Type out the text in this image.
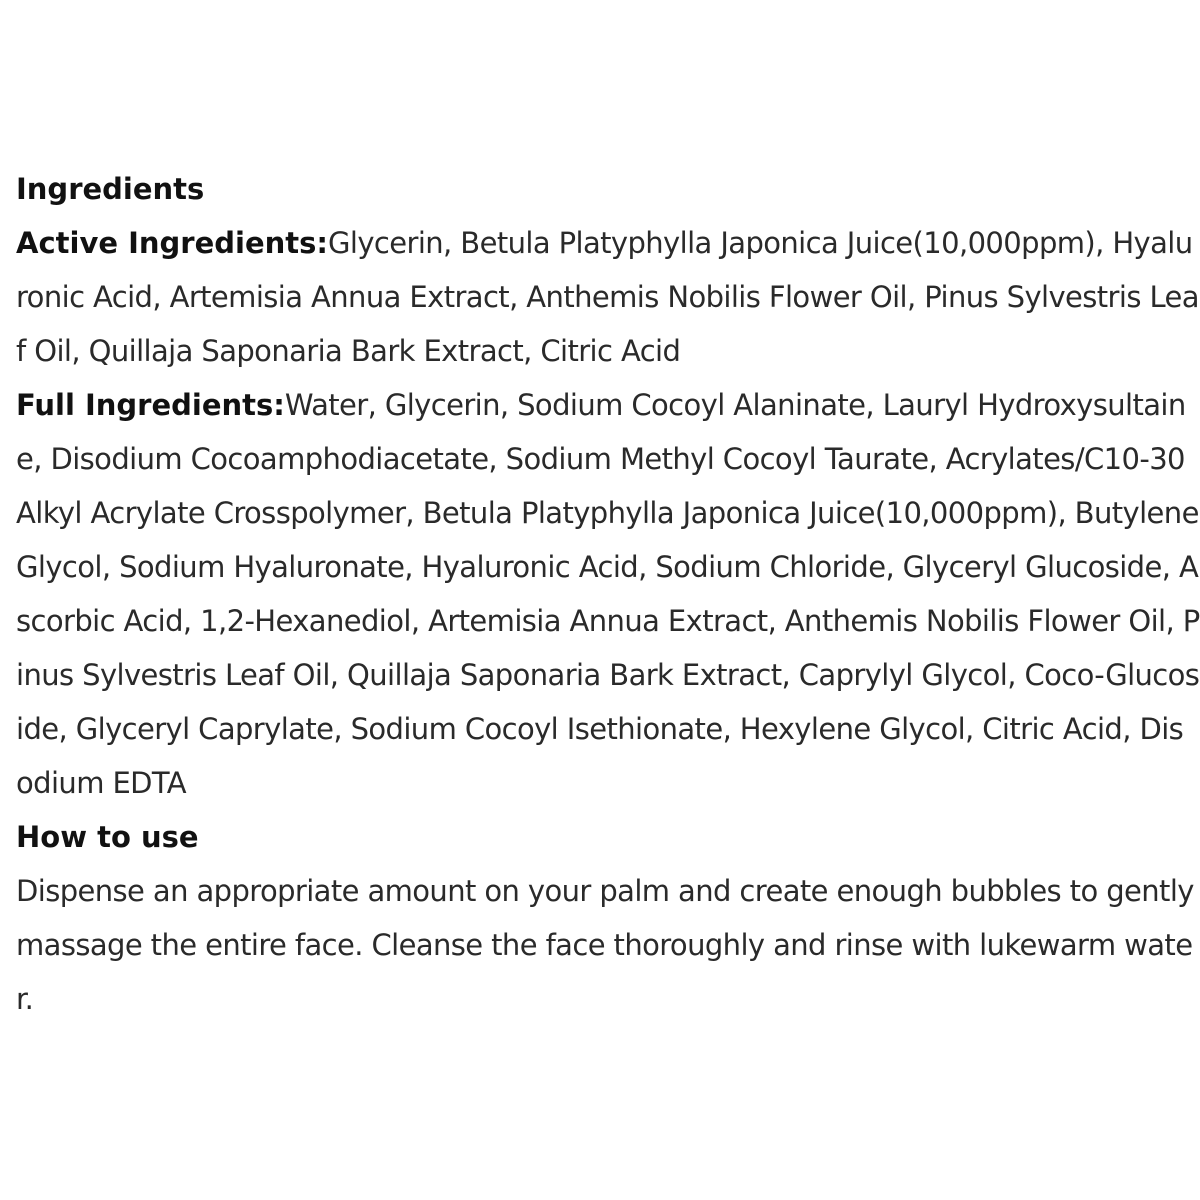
Ingredients

Active Ingredients:Glycerin, Betula Platyphylla Japonica Juice(10,000ppm), Hyaluronic Acid, Artemisia Annua Extract, Anthemis Nobilis Flower Oil, Pinus Sylvestris Leaf Oil, Quillaja Saponaria Bark Extract, Citric Acid

Full Ingredients:Water, Glycerin, Sodium Cocoyl Alaninate, Lauryl Hydroxysultaine, Disodium Cocoamphodiacetate, Sodium Methyl Cocoyl Taurate, Acrylates/C10-30 Alkyl Acrylate Crosspolymer, Betula Platyphylla Japonica Juice(10,000ppm), Butylene Glycol, Sodium Hyaluronate, Hyaluronic Acid, Sodium Chloride, Glyceryl Glucoside, Ascorbic Acid, 1,2-Hexanediol, Artemisia Annua Extract, Anthemis Nobilis Flower Oil, Pinus Sylvestris Leaf Oil, Quillaja Saponaria Bark Extract, Caprylyl Glycol, Coco-Glucoside, Glyceryl Caprylate, Sodium Cocoyl Isethionate, Hexylene Glycol, Citric Acid, Disodium EDTA

How to use

Dispense an appropriate amount on your palm and create enough bubbles to gently massage the entire face. Cleanse the face thoroughly and rinse with lukewarm water.
